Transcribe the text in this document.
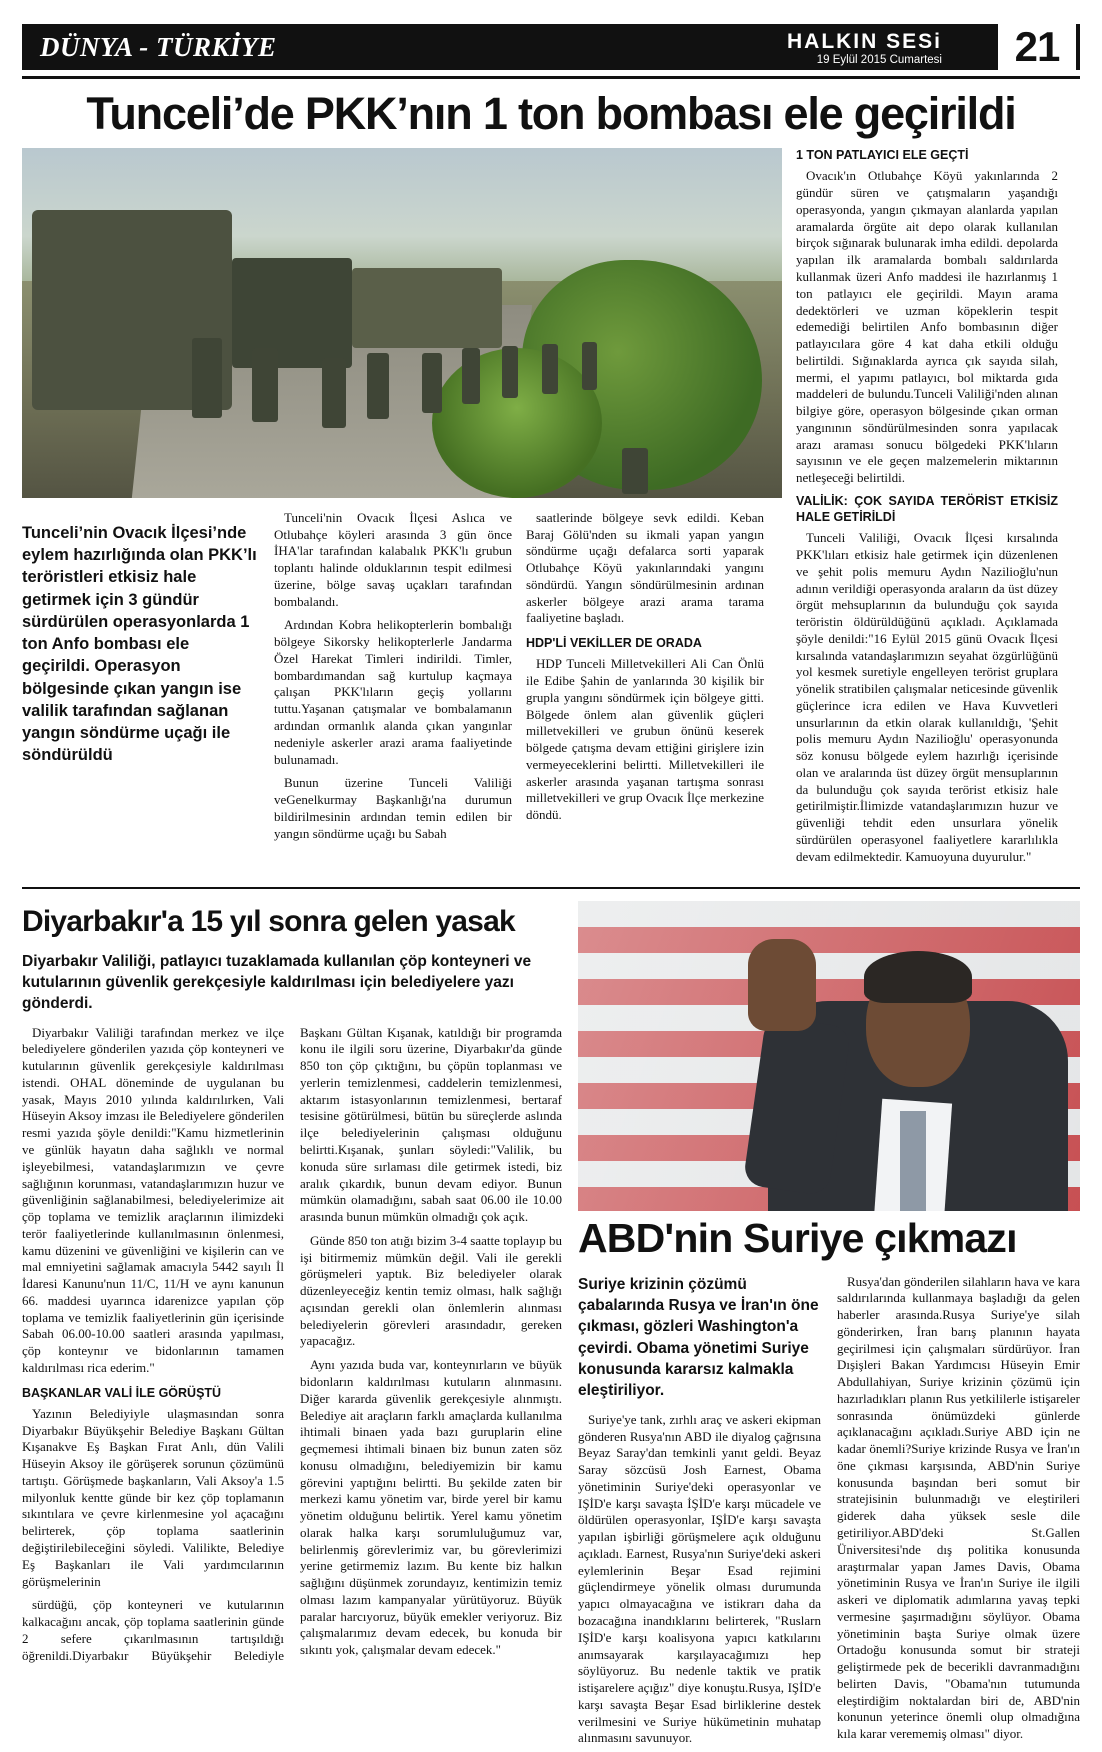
DÜNYA - TÜRKİYE	HALKIN SESi
19 Eylül 2015 Cumartesi	21
Tunceli’de PKK’nın 1 ton bombası ele geçirildi
Tunceli’nin Ovacık İlçesi’nde eylem hazırlığında olan PKK’lı teröristleri etkisiz hale getirmek için 3 gündür sürdürülen operasyonlarda 1 ton Anfo bombası ele geçirildi. Operasyon bölgesinde çıkan yangın ise valilik tarafından sağlanan yangın söndürme uçağı ile söndürüldü

Tunceli'nin Ovacık İlçesi Aslıca ve Otlubahçe köyleri arasında 3 gün önce İHA'lar tarafından kalabalık PKK'lı grubun toplantı halinde olduklarının tespit edilmesi üzerine, bölge savaş uçakları tarafından bombalandı.

Ardından Kobra helikopterlerin bombalığı bölgeye Sikorsky helikopterlerle Jandarma Özel Harekat Timleri indirildi. Timler, bombardımandan sağ kurtulup kaçmaya çalışan PKK'lıların geçiş yollarını tuttu.Yaşanan çatışmalar ve bombalamanın ardından ormanlık alanda çıkan yangınlar nedeniyle askerler arazi arama faaliyetinde bulunamadı.

Bunun üzerine Tunceli Valiliği veGenelkurmay Başkanlığı'na durumun bildirilmesinin ardından temin edilen bir yangın söndürme uçağı bu Sabah

saatlerinde bölgeye sevk edildi. Keban Baraj Gölü'nden su ikmali yapan yangın söndürme uçağı defalarca sorti yaparak Otlubahçe Köyü yakınlarındaki yangını söndürdü. Yangın söndürülmesinin ardınan askerler bölgeye arazi arama tarama faaliyetine başladı.

HDP'Lİ VEKİLLER DE ORADA

HDP Tunceli Milletvekilleri Ali Can Önlü ile Edibe Şahin de yanlarında 30 kişilik bir grupla yangını söndürmek için bölgeye gitti. Bölgede önlem alan güvenlik güçleri milletvekilleri ve grubun önünü keserek bölgede çatışma devam ettiğini girişlere izin vermeyeceklerini belirtti. Milletvekilleri ile askerler arasında yaşanan tartışma sonrası milletvekilleri ve grup Ovacık İlçe merkezine döndü.

1 TON PATLAYICI ELE GEÇTİ

Ovacık'ın Otlubahçe Köyü yakınlarında 2 gündür süren ve çatışmaların yaşandığı operasyonda, yangın çıkmayan alanlarda yapılan aramalarda örgüte ait depo olarak kullanılan birçok sığınarak bulunarak imha edildi. depolarda yapılan ilk aramalarda bombalı saldırılarda kullanmak üzeri Anfo maddesi ile hazırlanmış 1 ton patlayıcı ele geçirildi. Mayın arama dedektörleri ve uzman köpeklerin tespit edemediği belirtilen Anfo bombasının diğer patlayıcılara göre 4 kat daha etkili olduğu belirtildi. Sığınaklarda ayrıca çık sayıda silah, mermi, el yapımı patlayıcı, bol miktarda gıda maddeleri de bulundu.Tunceli Valiliği'nden alınan bilgiye göre, operasyon bölgesinde çıkan orman yangınının söndürülmesinden sonra yapılacak arazı araması sonucu bölgedeki PKK'lıların sayısının ve ele geçen malzemelerin miktarının netleşeceği belirtildi.

VALİLİK: ÇOK SAYIDA TERÖRİST ETKİSİZ HALE GETİRİLDİ

Tunceli Valiliği, Ovacık İlçesi kırsalında PKK'lıları etkisiz hale getirmek için düzenlenen ve şehit polis memuru Aydın Nazilioğlu'nun adının verildiği operasyonda araların da üst düzey örgüt mehsuplarının da bulunduğu çok sayıda teröristin öldürüldüğünü açıkladı. Açıklamada şöyle denildi:"16 Eylül 2015 günü Ovacık İlçesi kırsalında vatandaşlarımızın seyahat özgürlüğünü yol kesmek suretiyle engelleyen terörist gruplara yönelik stratibilen çalışmalar neticesinde güvenlik güçlerince icra edilen ve Hava Kuvvetleri unsurlarının da etkin olarak kullanıldığı, 'Şehit polis memuru Aydın Nazilioğlu' operasyonunda söz konusu bölgede eylem hazırlığı içerisinde olan ve aralarında üst düzey örgüt mensuplarının da bulunduğu çok sayıda terörist etkisiz hale getirilmiştir.İlimizde vatandaşlarımızın huzur ve güvenliği tehdit eden unsurlara yönelik sürdürülen operasyonel faaliyetlere kararlılıkla devam edilmektedir. Kamuoyuna duyurulur."

Diyarbakır'a 15 yıl sonra gelen yasak
Diyarbakır Valiliği, patlayıcı tuzaklamada kullanılan çöp konteyneri ve kutularının güvenlik gerekçesiyle kaldırılması için belediyelere yazı gönderdi.

Diyarbakır Valiliği tarafından merkez ve ilçe belediyelere gönderilen yazıda çöp konteyneri ve kutularının güvenlik gerekçesiyle kaldırılması istendi. OHAL döneminde de uygulanan bu yasak, Mayıs 2010 yılında kaldırılırken, Vali Hüseyin Aksoy imzası ile Belediyelere gönderilen resmi yazıda şöyle denildi:"Kamu hizmetlerinin ve günlük hayatın daha sağlıklı ve normal işleyebilmesi, vatandaşlarımızın ve çevre sağlığının korunması, vatandaşlarımızın huzur ve güvenliğinin sağlanabilmesi, belediyelerimize ait çöp toplama ve temizlik araçlarının ilimizdeki terör faaliyetlerinde kullanılmasının önlenmesi, kamu düzenini ve güvenliğini ve kişilerin can ve mal emniyetini sağlamak amacıyla 5442 sayılı İl İdaresi Kanunu'nun 11/C, 11/H ve aynı kanunun 66. maddesi uyarınca idarenizce yapılan çöp toplama ve temizlik faaliyetlerinin gün içerisinde Sabah 06.00-10.00 saatleri arasında yapılması, çöp konteynır ve bidonlarının tamamen kaldırılması rica ederim."

BAŞKANLAR VALİ İLE GÖRÜŞTÜ

Yazının Belediyiyle ulaşmasından sonra Diyarbakır Büyükşehir Belediye Başkanı Gültan Kışanakve Eş Başkan Fırat Anlı, dün Valili Hüseyin Aksoy ile görüşerek sorunun çözümünü tartıştı. Görüşmede başkanların, Vali Aksoy'a 1.5 milyonluk kentte günde bir kez çöp toplamanın sıkıntılara ve çevre kirlenmesine yol açacağını belirterek, çöp toplama saatlerinin değiştirilebileceğini söyledi. Valilikte, Belediye Eş Başkanları ile Vali yardımcılarının görüşmelerinin

sürdüğü, çöp konteyneri ve kutularının kalkacağını ancak, çöp toplama saatlerinin günde 2 sefere çıkarılmasının tartışıldığı öğrenildi.Diyarbakır Büyükşehir Belediyle Başkanı Gültan Kışanak, katıldığı bir programda konu ile ilgili soru üzerine, Diyarbakır'da günde 850 ton çöp çıktığını, bu çöpün toplanması ve yerlerin temizlenmesi, caddelerin temizlenmesi, aktarım istasyonlarının temizlenmesi, bertaraf tesisine götürülmesi, bütün bu süreçlerde aslında ilçe belediyelerinin çalışması olduğunu belirtti.Kışanak, şunları söyledi:"Valilik, bu konuda süre sırlaması dile getirmek istedi, biz aralık çıkardık, bunun devam ediyor. Bunun mümkün olamadığını, sabah saat 06.00 ile 10.00 arasında bunun mümkün olmadığı çok açık.

Günde 850 ton atığı bizim 3-4 saatte toplayıp bu işi bitirmemiz mümkün değil. Vali ile gerekli görüşmeleri yaptık. Biz belediyeler olarak düzenleyeceğiz kentin temiz olması, halk sağlığı açısından gerekli olan önlemlerin alınması belediyelerin görevleri arasındadır, gereken yapacağız.

Aynı yazıda buda var, konteynırların ve büyük bidonların kaldırılması kutuların alınmasını. Diğer kararda güvenlik gerekçesiyle alınmıştı. Belediye ait araçların farklı amaçlarda kullanılma ihtimali binaen yada bazı guruplarin eline geçmemesi ihtimali binaen biz bunun zaten söz konusu olmadığını, belediyemizin bir kamu görevini yaptığını belirtti. Bu şekilde zaten bir merkezi kamu yönetim var, birde yerel bir kamu yönetim olduğunu belirtik. Yerel kamu yönetim olarak halka karşı sorumluluğumuz var, belirlenmiş görevlerimiz var, bu görevlerimizi yerine getirmemiz lazım. Bu kente biz halkın sağlığını düşünmek zorundayız, kentimizin temiz olması lazım kampanyalar yürütüyoruz. Büyük paralar harcıyoruz, büyük emekler veriyoruz. Biz çalışmalarımız devam edecek, bu konuda bir sıkıntı yok, çalışmalar devam edecek."

ABD'nin Suriye çıkmazı
Suriye krizinin çözümü çabalarında Rusya ve İran'ın öne çıkması, gözleri Washington'a çevirdi. Obama yönetimi Suriye konusunda kararsız kalmakla eleştiriliyor.

Suriye'ye tank, zırhlı araç ve askeri ekipman gönderen Rusya'nın ABD ile diyalog çağrısına Beyaz Saray'dan temkinli yanıt geldi. Beyaz Saray sözcüsü Josh Earnest, Obama yönetiminin Suriye'deki operasyonlar ve IŞİD'e karşı savaşta İŞİD'e karşı mücadele ve öldürülen operasyonlar, IŞİD'e karşı savaşta yapılan işbirliği görüşmelere açık olduğunu açıkladı. Earnest, Rusya'nın Suriye'deki askeri eylemlerinin Beşar Esad rejimini güçlendirmeye yönelik olması durumunda yapıcı olmayacağına ve istikrarı daha da bozacağına inandıklarını belirterek, "Ruslarn IŞİD'e karşı koalisyona yapıcı katkılarını anımsayarak karşılayacağımızı hep söylüyoruz. Bu nedenle taktik ve pratik istişarelere açığız" diye konuştu.Rusya, IŞİD'e karşı savaşta Beşar Esad birliklerine destek verilmesini ve Suriye hükümetinin muhatap alınmasını savunuyor.

Rusya'dan gönderilen silahların hava ve kara saldırılarında kullanmaya başladığı da gelen haberler arasında.Rusya Suriye'ye silah gönderirken, İran barış planının hayata geçirilmesi için çalışmaları sürdürüyor. İran Dışişleri Bakan Yardımcısı Hüseyin Emir Abdullahiyan, Suriye krizinin çözümü için hazırladıkları planın Rus yetkililerle istişareler sonrasında önümüzdeki günlerde açıklanacağını açıkladı.Suriye ABD için ne kadar önemli?Suriye krizinde Rusya ve İran'ın öne çıkması karşısında, ABD'nin Suriye konusunda başından beri somut bir stratejisinin bulunmadığı ve eleştirileri giderek daha yüksek sesle dile getiriliyor.ABD'deki St.Gallen Üniversitesi'nde dış politika konusunda araştırmalar yapan James Davis, Obama yönetiminin Rusya ve İran'ın Suriye ile ilgili askeri ve diplomatik adımlarına yavaş tepki vermesine şaşırmadığını söylüyor. Obama yönetiminin başta Suriye olmak üzere Ortadoğu konusunda somut bir strateji geliştirmede pek de becerikli davranmadığını belirten Davis, "Obama'nın tutumunda eleştirdiğim noktalardan biri de, ABD'nin konunun yeterince önemli olup olmadığına kıla karar verememiş olması" diyor.
